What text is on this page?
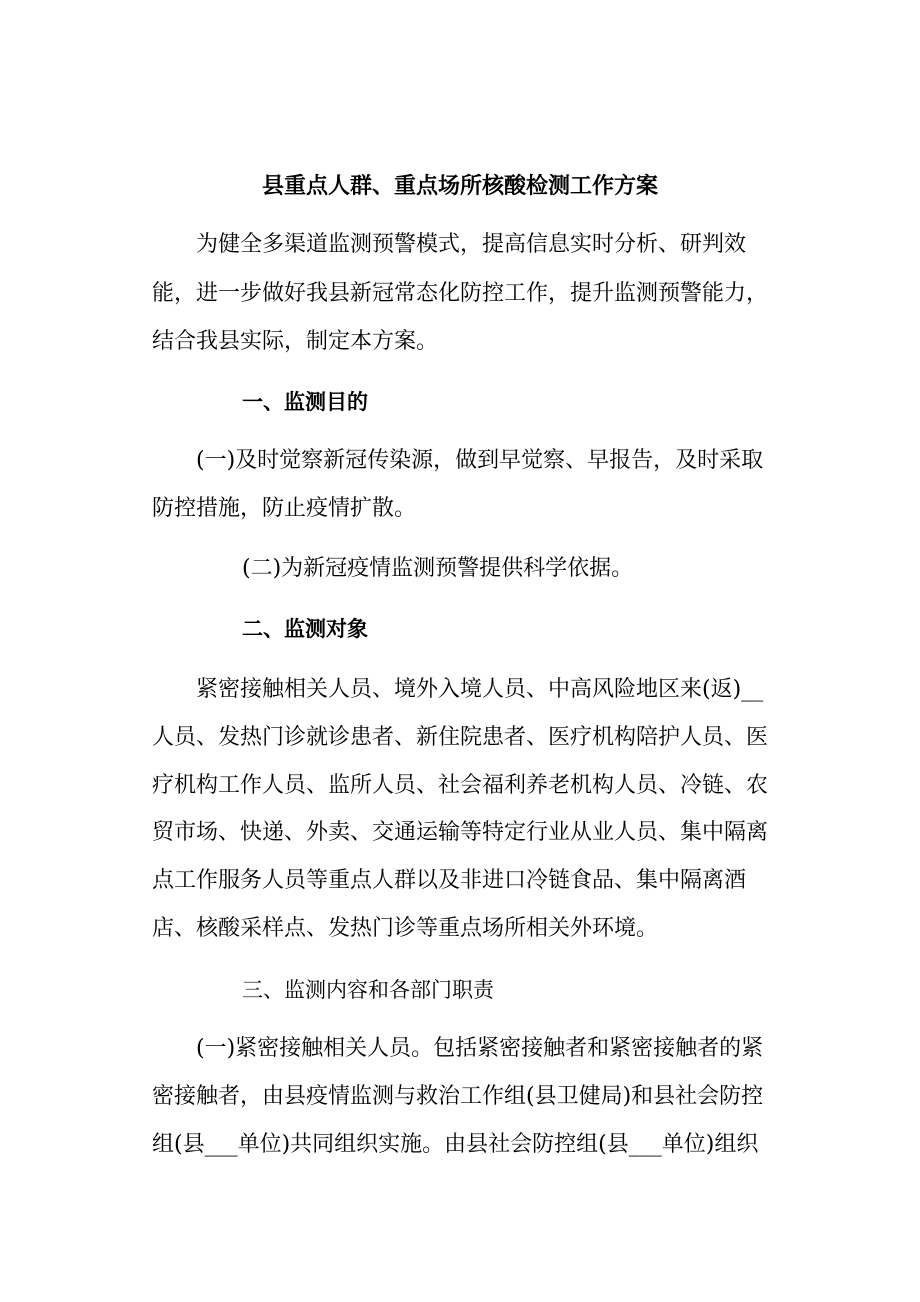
县重点人群、重点场所核酸检测工作方案
为健全多渠道监测预警模式，提高信息实时分析、研判效
能，进一步做好我县新冠常态化防控工作，提升监测预警能力，
结合我县实际，制定本方案。
一、监测目的
(一)及时觉察新冠传染源，做到早觉察、早报告，及时采取
防控措施，防止疫情扩散。
(二)为新冠疫情监测预警提供科学依据。
二、监测对象
紧密接触相关人员、境外入境人员、中高风险地区来(返)__
人员、发热门诊就诊患者、新住院患者、医疗机构陪护人员、医
疗机构工作人员、监所人员、社会福利养老机构人员、冷链、农
贸市场、快递、外卖、交通运输等特定行业从业人员、集中隔离
点工作服务人员等重点人群以及非进口冷链食品、集中隔离酒
店、核酸采样点、发热门诊等重点场所相关外环境。
三、监测内容和各部门职责
(一)紧密接触相关人员。包括紧密接触者和紧密接触者的紧
密接触者，由县疫情监测与救治工作组(县卫健局)和县社会防控
组(县___单位)共同组织实施。由县社会防控组(县___单位)组织
